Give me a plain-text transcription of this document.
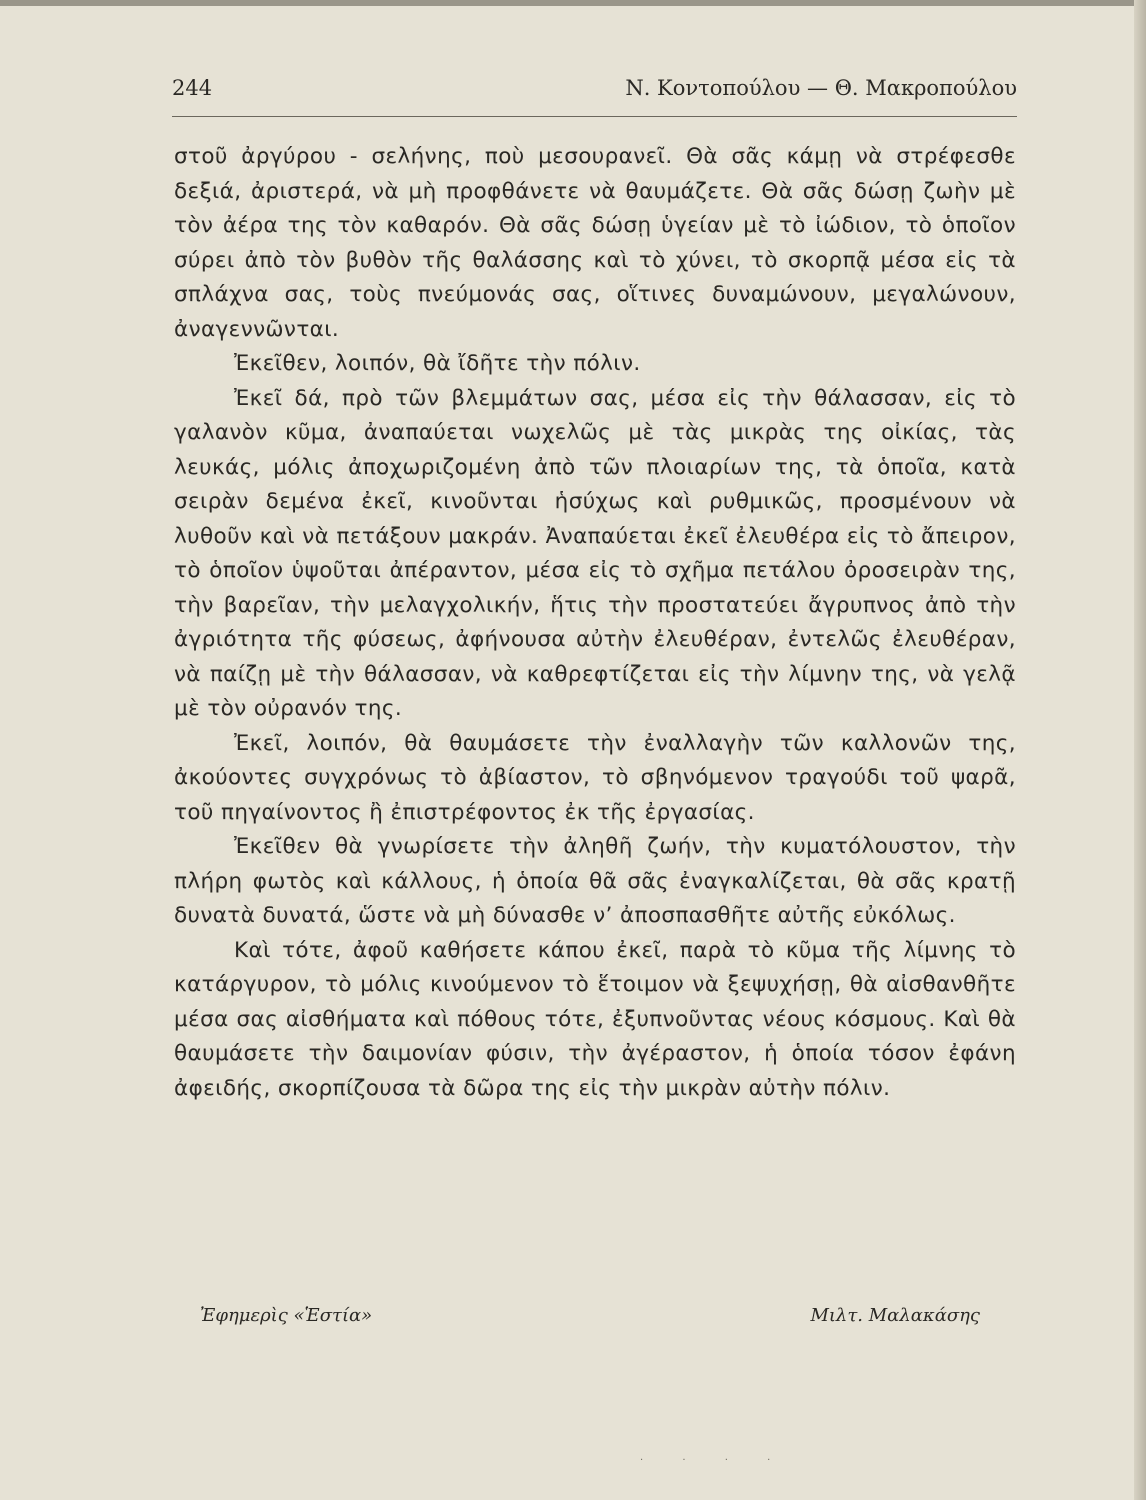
244	Ν. Κοντοπούλου — Θ. Μακροπούλου

στοῦ ἀργύρου - σελήνης, ποὺ μεσουρανεῖ. Θὰ σᾶς κάμῃ νὰ στρέφεσθε δεξιά, ἀριστερά, νὰ μὴ προφθάνετε νὰ θαυμάζετε. Θὰ σᾶς δώσῃ ζωὴν μὲ τὸν ἀέρα της τὸν καθαρόν. Θὰ σᾶς δώσῃ ὑγείαν μὲ τὸ ἰώδιον, τὸ ὁποῖον σύρει ἀπὸ τὸν βυθὸν τῆς θαλάσσης καὶ τὸ χύνει, τὸ σκορπᾷ μέσα εἰς τὰ σπλάχνα σας, τοὺς πνεύμονάς σας, οἵτινες δυναμώνουν, μεγαλώνουν, ἀναγεννῶνται.

Ἐκεῖθεν, λοιπόν, θὰ ἴδῆτε τὴν πόλιν.

Ἐκεῖ δά, πρὸ τῶν βλεμμάτων σας, μέσα εἰς τὴν θάλασσαν, εἰς τὸ γαλανὸν κῦμα, ἀναπαύεται νωχελῶς μὲ τὰς μικρὰς της οἰκίας, τὰς λευκάς, μόλις ἀποχωριζομένη ἀπὸ τῶν πλοιαρίων της, τὰ ὁποῖα, κατὰ σειρὰν δεμένα ἐκεῖ, κινοῦνται ἡσύχως καὶ ρυθμικῶς, προσμένουν νὰ λυθοῦν καὶ νὰ πετάξουν μακράν. Ἀναπαύεται ἐκεῖ ἐλευθέρα εἰς τὸ ἄπειρον, τὸ ὁποῖον ὑψοῦται ἀπέραντον, μέσα εἰς τὸ σχῆμα πετάλου ὀροσειρὰν της, τὴν βαρεῖαν, τὴν μελαγχολικήν, ἥτις τὴν προστατεύει ἄγρυπνος ἀπὸ τὴν ἀγριότητα τῆς φύσεως, ἀφήνουσα αὐτὴν ἐλευθέραν, ἐντελῶς ἐλευθέραν, νὰ παίζῃ μὲ τὴν θάλασσαν, νὰ καθρεφτίζεται εἰς τὴν λίμνην της, νὰ γελᾷ μὲ τὸν οὐρανόν της.

Ἐκεῖ, λοιπόν, θὰ θαυμάσετε τὴν ἐναλλαγὴν τῶν καλλονῶν της, ἀκούοντες συγχρόνως τὸ ἀβίαστον, τὸ σβηνόμενον τραγούδι τοῦ ψαρᾶ, τοῦ πηγαίνοντος ἢ ἐπιστρέφοντος ἐκ τῆς ἐργασίας.

Ἐκεῖθεν θὰ γνωρίσετε τὴν ἀληθῆ ζωήν, τὴν κυματόλουστον, τὴν πλήρη φωτὸς καὶ κάλλους, ἡ ὁποία θᾶ σᾶς ἐναγκαλίζεται, θὰ σᾶς κρατῇ δυνατὰ δυνατά, ὥστε νὰ μὴ δύνασθε ν’ ἀποσπασθῆτε αὐτῆς εὐκόλως.

Καὶ τότε, ἀφοῦ καθήσετε κάπου ἐκεῖ, παρὰ τὸ κῦμα τῆς λίμνης τὸ κατάργυρον, τὸ μόλις κινούμενον τὸ ἕτοιμον νὰ ξεψυχήσῃ, θὰ αἰσθανθῆτε μέσα σας αἰσθήματα καὶ πόθους τότε, ἐξυπνοῦντας νέους κόσμους. Καὶ θὰ θαυμάσετε τὴν δαιμονίαν φύσιν, τὴν ἀγέραστον, ἡ ὁποία τόσον ἐφάνη ἀφειδής, σκορπίζουσα τὰ δῶρα της εἰς τὴν μικρὰν αὐτὴν πόλιν.

Ἐφημερὶς «Ἑστία»	Μιλτ. Μαλακάσης
· · · ·
